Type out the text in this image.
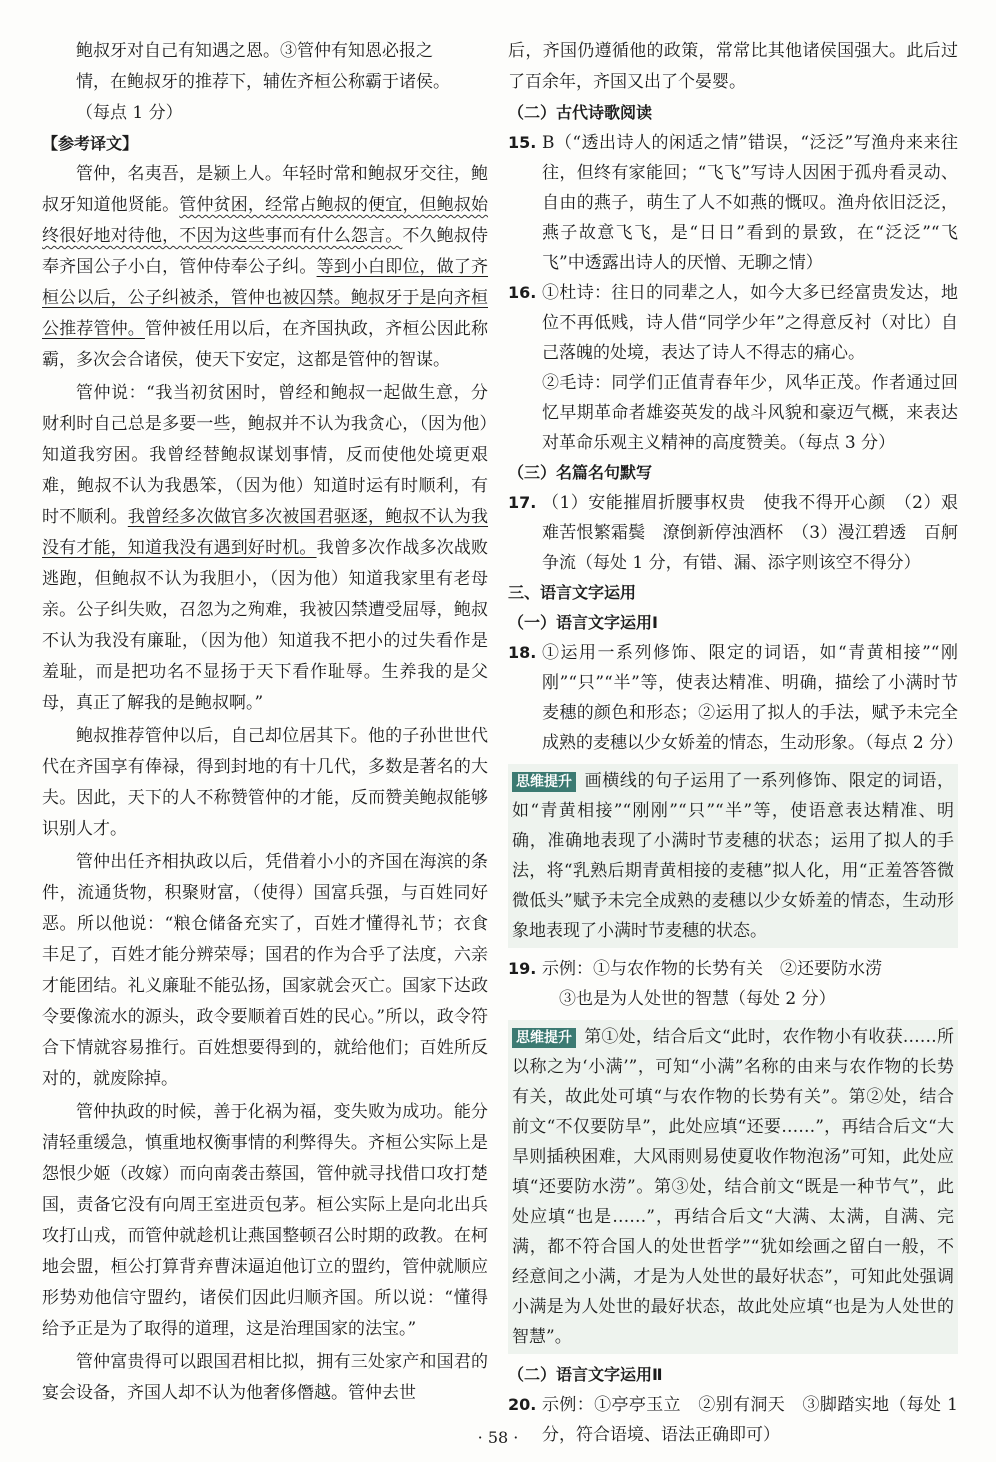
鲍叔牙对自己有知遇之恩。③管仲有知恩必报之

情，在鲍叔牙的推荐下，辅佐齐桓公称霸于诸侯。

（每点 1 分）

【参考译文】

管仲，名夷吾，是颍上人。年轻时常和鲍叔牙交往，鲍叔牙知道他贤能。管仲贫困，经常占鲍叔的便宜，但鲍叔始终很好地对待他，不因为这些事而有什么怨言。不久鲍叔侍奉齐国公子小白，管仲侍奉公子纠。等到小白即位，做了齐桓公以后，公子纠被杀，管仲也被囚禁。鲍叔牙于是向齐桓公推荐管仲。管仲被任用以后，在齐国执政，齐桓公因此称霸，多次会合诸侯，使天下安定，这都是管仲的智谋。

管仲说：“我当初贫困时，曾经和鲍叔一起做生意，分财利时自己总是多要一些，鲍叔并不认为我贪心，（因为他）知道我穷困。我曾经替鲍叔谋划事情，反而使他处境更艰难，鲍叔不认为我愚笨，（因为他）知道时运有时顺利，有时不顺利。我曾经多次做官多次被国君驱逐，鲍叔不认为我没有才能，知道我没有遇到好时机。我曾多次作战多次战败逃跑，但鲍叔不认为我胆小，（因为他）知道我家里有老母亲。公子纠失败，召忽为之殉难，我被囚禁遭受屈辱，鲍叔不认为我没有廉耻，（因为他）知道我不把小的过失看作是羞耻，而是把功名不显扬于天下看作耻辱。生养我的是父母，真正了解我的是鲍叔啊。”

鲍叔推荐管仲以后，自己却位居其下。他的子孙世世代代在齐国享有俸禄，得到封地的有十几代，多数是著名的大夫。因此，天下的人不称赞管仲的才能，反而赞美鲍叔能够识别人才。

管仲出任齐相执政以后，凭借着小小的齐国在海滨的条件，流通货物，积聚财富，（使得）国富兵强，与百姓同好恶。所以他说：“粮仓储备充实了，百姓才懂得礼节；衣食丰足了，百姓才能分辨荣辱；国君的作为合乎了法度，六亲才能团结。礼义廉耻不能弘扬，国家就会灭亡。国家下达政令要像流水的源头，政令要顺着百姓的民心。”所以，政令符合下情就容易推行。百姓想要得到的，就给他们；百姓所反对的，就废除掉。

管仲执政的时候，善于化祸为福，变失败为成功。能分清轻重缓急，慎重地权衡事情的利弊得失。齐桓公实际上是怨恨少姬（改嫁）而向南袭击蔡国，管仲就寻找借口攻打楚国，责备它没有向周王室进贡包茅。桓公实际上是向北出兵攻打山戎，而管仲就趁机让燕国整顿召公时期的政教。在柯地会盟，桓公打算背弃曹沫逼迫他订立的盟约，管仲就顺应形势劝他信守盟约，诸侯们因此归顺齐国。所以说：“懂得给予正是为了取得的道理，这是治理国家的法宝。”

管仲富贵得可以跟国君相比拟，拥有三处家产和国君的宴会设备，齐国人却不认为他奢侈僭越。管仲去世

后，齐国仍遵循他的政策，常常比其他诸侯国强大。此后过了百余年，齐国又出了个晏婴。

（二）古代诗歌阅读

15. B（“透出诗人的闲适之情”错误，“泛泛”写渔舟来来往往，但终有家能回；“飞飞”写诗人因困于孤舟看灵动、自由的燕子，萌生了人不如燕的慨叹。渔舟依旧泛泛，燕子故意飞飞，是“日日”看到的景致，在“泛泛”“飞飞”中透露出诗人的厌憎、无聊之情）

16. ①杜诗：往日的同辈之人，如今大多已经富贵发达，地位不再低贱，诗人借“同学少年”之得意反衬（对比）自己落魄的处境，表达了诗人不得志的痛心。

②毛诗：同学们正值青春年少，风华正茂。作者通过回忆早期革命者雄姿英发的战斗风貌和豪迈气概，来表达对革命乐观主义精神的高度赞美。（每点 3 分）

（三）名篇名句默写

17. （1）安能摧眉折腰事权贵　使我不得开心颜　（2）艰难苦恨繁霜鬓　潦倒新停浊酒杯　（3）漫江碧透　百舸争流（每处 1 分，有错、漏、添字则该空不得分）

三、语言文字运用

（一）语言文字运用Ⅰ

18. ①运用一系列修饰、限定的词语，如“青黄相接”“刚刚”“只”“半”等，使表达精准、明确，描绘了小满时节麦穗的颜色和形态；②运用了拟人的手法，赋予未完全成熟的麦穗以少女娇羞的情态，生动形象。（每点 2 分）

思维提升 画横线的句子运用了一系列修饰、限定的词语，如“青黄相接”“刚刚”“只”“半”等，使语意表达精准、明确，准确地表现了小满时节麦穗的状态；运用了拟人的手法，将“乳熟后期青黄相接的麦穗”拟人化，用“正羞答答微微低头”赋予未完全成熟的麦穗以少女娇羞的情态，生动形象地表现了小满时节麦穗的状态。
19. 示例：①与农作物的长势有关　②还要防水涝

③也是为人处世的智慧（每处 2 分）

思维提升 第①处，结合后文“此时，农作物小有收获……所以称之为‘小满’”，可知“小满”名称的由来与农作物的长势有关，故此处可填“与农作物的长势有关”。第②处，结合前文“不仅要防旱”，此处应填“还要……”，再结合后文“大旱则插秧困难，大风雨则易使夏收作物泡汤”可知，此处应填“还要防水涝”。第③处，结合前文“既是一种节气”，此处应填“也是……”，再结合后文“大满、太满，自满、完满，都不符合国人的处世哲学”“犹如绘画之留白一般，不经意间之小满，才是为人处世的最好状态”，可知此处强调小满是为人处世的最好状态，故此处应填“也是为人处世的智慧”。

（二）语言文字运用Ⅱ

20. 示例：①亭亭玉立　②别有洞天　③脚踏实地（每处 1 分，符合语境、语法正确即可）

· 58 ·
